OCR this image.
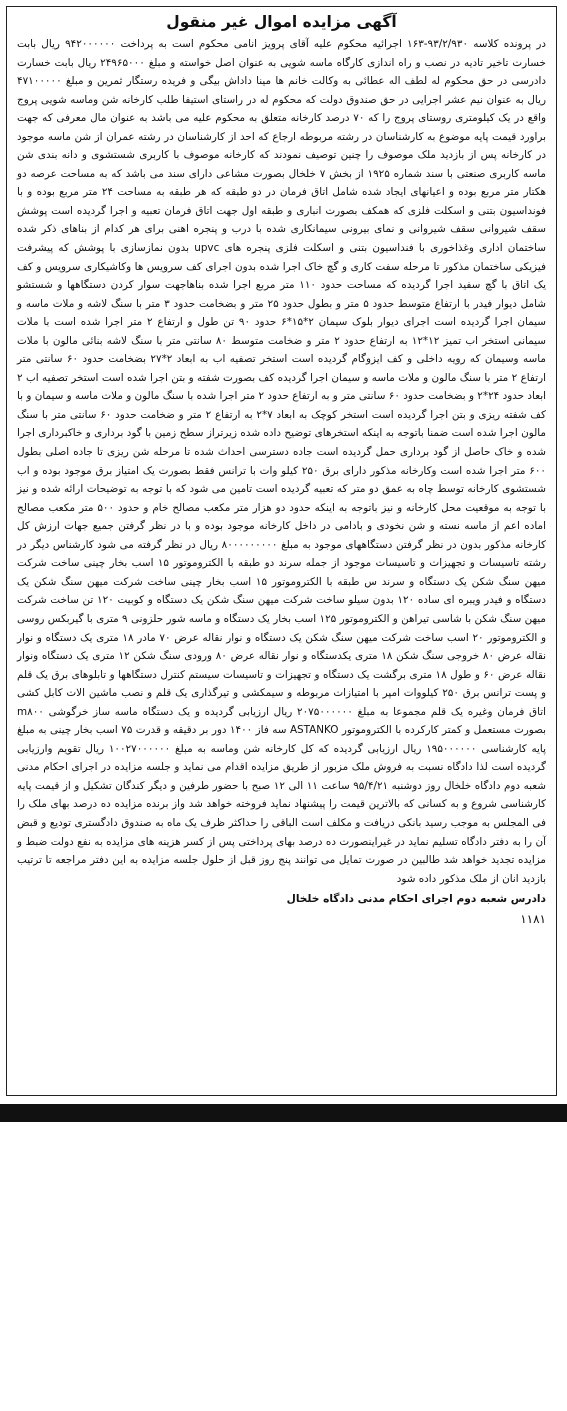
آگهی مزایده اموال غیر منقول

در پرونده کلاسه ۹۳/۲/۹۳۰-۱۶۳ اجرائیه محکوم علیه آقای پرویز انامی محکوم است به پرداخت ۹۴۲۰۰۰۰۰۰ ریال بابت خسارت تاخیر تادیه در نصب و راه اندازی کارگاه ماسه شویی به عنوان اصل خواسته و مبلغ ۲۴۹۶۵۰۰۰ ریال بابت خسارت دادرسی در حق محکوم له لطف اله عطائی به وکالت خانم ها مینا داداش بیگی و فریده رستگار ثمرین و مبلغ ۴۷۱۰۰۰۰۰ ریال به عنوان نیم عشر اجرایی در حق صندوق دولت که محکوم له در راستای استیفا طلب کارخانه شن وماسه شویی پروج واقع در یک کیلومتری روستای پروج را که ۷۰ درصد کارخانه متعلق به محکوم علیه می باشد به عنوان مال معرفی که جهت براورد قیمت پایه موضوع به کارشناسان در رشته مربوطه ارجاع که احد از کارشناسان در رشته عمران از شن ماسه موجود در کارخانه پس از بازدید ملک موصوف را چنین توصیف نمودند که کارخانه موصوف با کاربری شستشوی و دانه بندی شن ماسه کاربری صنعتی با سند شماره ۱۹۲۵ از بخش ۷ خلخال بصورت مشاعی دارای سند می باشد که به مساحت عرصه دو هکتار متر مربع بوده و اعیانهای ایجاد شده شامل اتاق فرمان در دو طبقه که هر طبقه به مساحت ۲۴ متر مربع بوده و با فونداسیون بتنی و اسکلت فلزی که همکف بصورت انباری و طبقه اول جهت اتاق فرمان تعبیه و اجرا گردیده است پوشش سقف شیروانی سقف شیروانی و نمای بیرونی سیمانکاری شده با درب و پنجره اهنی برای هر کدام از بناهای ذکر شده ساختمان اداری وغذاخوری با فنداسیون بتنی و اسکلت فلزی پنجره های upvc بدون نمازسازی با پوشش که پیشرفت فیزیکی ساختمان مذکور تا مرحله سفت کاری و گچ خاک اجرا شده بدون اجرای کف سرویس ها وکاشیکاری سرویس و کف یک اتاق با گچ سفید اجرا گردیده که مساحت حدود ۱۱۰ متر مربع اجرا شده بناهاجهت سوار کردن دستگاهها و شستشو شامل دیوار فیدر با ارتفاع متوسط حدود ۵ متر و بطول حدود ۲۵ متر و بضخامت حدود ۳ متر با سنگ لاشه و ملات ماسه و سیمان اجرا گردیده است اجرای دیوار بلوک سیمان ۲*۱۵*۶ حدود ۹۰ تن طول و ارتفاع ۲ متر اجرا شده است با ملات سیمانی استخر اب تمیز ۱۲*۱۲ به ارتفاع حدود ۲ متر و ضخامت متوسط ۸۰ سانتی متر با سنگ لاشه بنائی مالون با ملات ماسه وسیمان که رویه داخلی و کف ایزوگام گردیده است استخر تصفیه اب به ابعاد ۲*۲۷ بضخامت حدود ۶۰ سانتی متر ارتفاع ۲ متر با سنگ مالون و ملات ماسه و سیمان اجرا گردیده کف بصورت شفته و بتن اجرا شده است استخر تصفیه اب ۲ ابعاد حدود ۲۴*۲ و بضخامت حدود ۶۰ سانتی متر و به ارتفاع حدود ۲ متر اجرا شده با سنگ مالون و ملات ماسه و سیمان و با کف شفته ریزی و بتن اجرا گردیده است استخر کوچک به ابعاد ۷*۲ به ارتفاع ۲ متر و ضخامت حدود ۶۰ سانتی متر با سنگ مالون اجرا شده است ضمنا باتوجه به اینکه استخرهای توضیح داده شده زیرتراز سطح زمین با گود برداری و خاکبرداری اجرا شده و خاک حاصل از گود برداری حمل گردیده است جاده دسترسی احداث شده تا مرحله شن ریزی تا جاده اصلی بطول ۶۰۰ متر اجرا شده است وکارخانه مذکور دارای برق ۲۵۰ کیلو وات با ترانس فقط بصورت یک امتیاز برق موجود بوده و اب شستشوی کارخانه توسط چاه به عمق دو متر که تعبیه گردیده است تامین می شود که با توجه به توضیحات ارائه شده و نیز با توجه به موقعیت محل کارخانه و نیز باتوجه به اینکه حدود دو هزار متر مکعب مصالح خام و حدود ۵۰۰ متر مکعب مصالح اماده اعم از ماسه نسته و شن نخودی و بادامی در داخل کارخانه موجود بوده و با در نظر گرفتن جمیع جهات ارزش کل کارخانه مذکور بدون در نظر گرفتن دستگاههای موجود به مبلغ ۸۰۰۰۰۰۰۰۰۰ ریال در نظر گرفته می شود کارشناس دیگر در رشته تاسیسات و تجهیزات و تاسیسات موجود از جمله سرند دو طبقه با الکتروموتور ۱۵ اسب بخار چینی ساخت شرکت میهن سنگ شکن یک دستگاه و سرند س طبقه با الکتروموتور ۱۵ اسب بخار چینی ساخت شرکت میهن سنگ شکن یک دستگاه و فیدر ویبره ای ساده ۱۲۰ بدون سیلو ساخت شرکت میهن سنگ شکن یک دستگاه و کوبیت ۱۲۰ تن ساخت شرکت میهن سنگ شکن با شاسی تیراهن و الکتروموتور ۱۲۵ اسب بخار یک دستگاه و ماسه شور حلزونی ۹ متری با گیربکس روسی و الکتروموتور ۲۰ اسب ساخت شرکت میهن سنگ شکن یک دستگاه و نوار نقاله عرض ۷۰ مادر ۱۸ متری یک دستگاه و نوار نقاله عرض ۸۰ خروجی سنگ شکن ۱۸ متری یکدستگاه و نوار نقاله عرض ۸۰ ورودی سنگ شکن ۱۲ متری یک دستگاه ونوار نقاله عرض ۶۰ و طول ۱۸ متری برگشت یک دستگاه و تجهیزات و تاسیسات سیستم کنترل دستگاهها و تابلوهای برق یک قلم و پست ترانس برق ۲۵۰ کیلووات امپر با امتیازات مربوطه و سیمکشی و تیرگذاری یک قلم و نصب ماشین الات کابل کشی اتاق فرمان وغیره یک قلم مجموعا به مبلغ ۲۰۷۵۰۰۰۰۰۰ ریال ارزیابی گردیده و یک دستگاه ماسه ساز خرگوشی m۸۰۰ بصورت مستعمل و کمتر کارکرده با الکتروموتور ASTANKO سه فاز ۱۴۰۰ دور بر دقیقه و قدرت ۷۵ اسب بخار چینی به مبلغ پایه کارشناسی ۱۹۵۰۰۰۰۰۰ ریال ارزیابی گردیده که کل کارخانه شن وماسه به مبلغ ۱۰۰۲۷۰۰۰۰۰۰ ریال تقویم وارزیابی گردیده است لذا دادگاه نسبت به فروش ملک مزبور از طریق مزایده اقدام می نماید و جلسه مزایده در اجرای احکام مدنی شعبه دوم دادگاه خلخال روز دوشنبه ۹۵/۴/۲۱ ساعت ۱۱ الی ۱۲ صبح با حضور طرفین و دیگر کندگان تشکیل و از قیمت پایه کارشناسی شروع و به کسانی که بالاترین قیمت را پیشنهاد نماید فروخته خواهد شد واز برنده مزایده ده درصد بهای ملک را فی المجلس به موجب رسید بانکی دریافت و مکلف است الباقی را حداکثر ظرف یک ماه به صندوق دادگستری تودیع و قبض آن را به دفتر دادگاه تسلیم نماید در غیراینصورت ده درصد بهای پرداختی پس از کسر هزینه های مزایده به نفع دولت ضبط و مزایده تجدید خواهد شد طالبین در صورت تمایل می توانند پنج روز قبل از حلول جلسه مزایده به این دفتر مراجعه تا ترتیب بازدید انان از ملک مذکور داده شود

دادرس شعبه دوم اجرای احکام مدنی دادگاه خلخال
۱۱۸۱
